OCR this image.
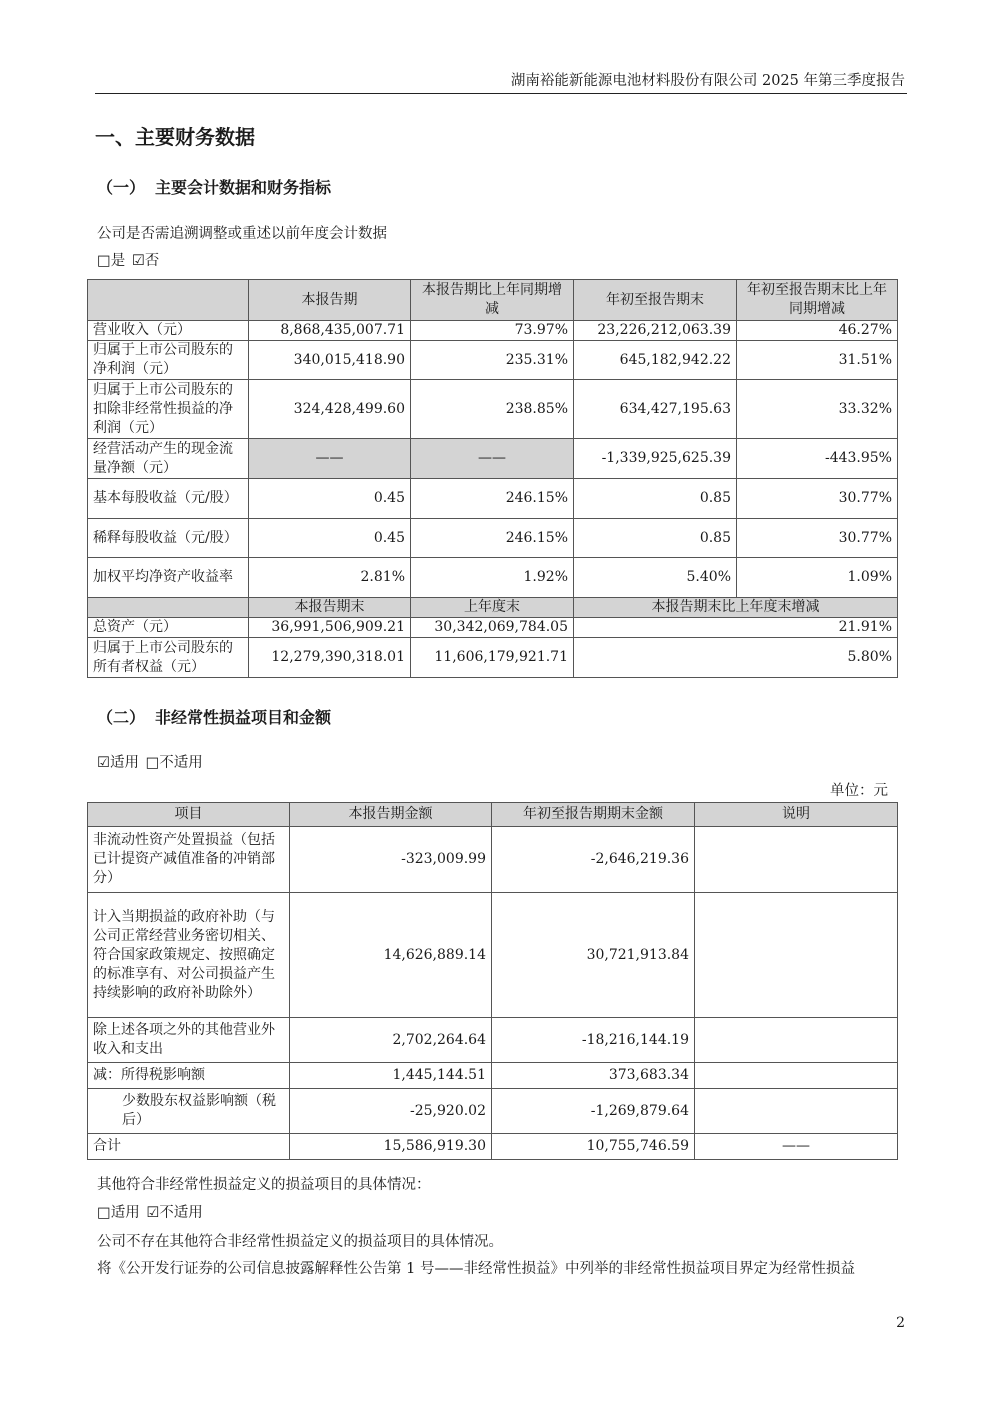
湖南裕能新能源电池材料股份有限公司 2025 年第三季度报告
一、主要财务数据
（一） 主要会计数据和财务指标
公司是否需追溯调整或重述以前年度会计数据
□是 ☑否
	本报告期	本报告期比上年同期增减	年初至报告期末	年初至报告期末比上年同期增减
营业收入（元）	8,868,435,007.71	73.97%	23,226,212,063.39	46.27%
归属于上市公司股东的净利润（元）	340,015,418.90	235.31%	645,182,942.22	31.51%
归属于上市公司股东的扣除非经常性损益的净利润（元）	324,428,499.60	238.85%	634,427,195.63	33.32%
经营活动产生的现金流量净额（元）	——	——	-1,339,925,625.39	-443.95%
基本每股收益（元/股）	0.45	246.15%	0.85	30.77%
稀释每股收益（元/股）	0.45	246.15%	0.85	30.77%
加权平均净资产收益率	2.81%	1.92%	5.40%	1.09%
	本报告期末	上年度末	本报告期末比上年度末增减	
总资产（元）	36,991,506,909.21	30,342,069,784.05	21.91%	
归属于上市公司股东的所有者权益（元）	12,279,390,318.01	11,606,179,921.71	5.80%	
（二） 非经常性损益项目和金额
☑适用 □不适用
单位：元
项目	本报告期金额	年初至报告期期末金额	说明
非流动性资产处置损益（包括已计提资产减值准备的冲销部分）	-323,009.99	-2,646,219.36	
计入当期损益的政府补助（与公司正常经营业务密切相关、符合国家政策规定、按照确定的标准享有、对公司损益产生持续影响的政府补助除外）	14,626,889.14	30,721,913.84	
除上述各项之外的其他营业外收入和支出	2,702,264.64	-18,216,144.19	
减：所得税影响额	1,445,144.51	373,683.34	
少数股东权益影响额（税后）	-25,920.02	-1,269,879.64	
合计	15,586,919.30	10,755,746.59	——
其他符合非经常性损益定义的损益项目的具体情况：
□适用 ☑不适用
公司不存在其他符合非经常性损益定义的损益项目的具体情况。
将《公开发行证券的公司信息披露解释性公告第 1 号——非经常性损益》中列举的非经常性损益项目界定为经常性损益
2
